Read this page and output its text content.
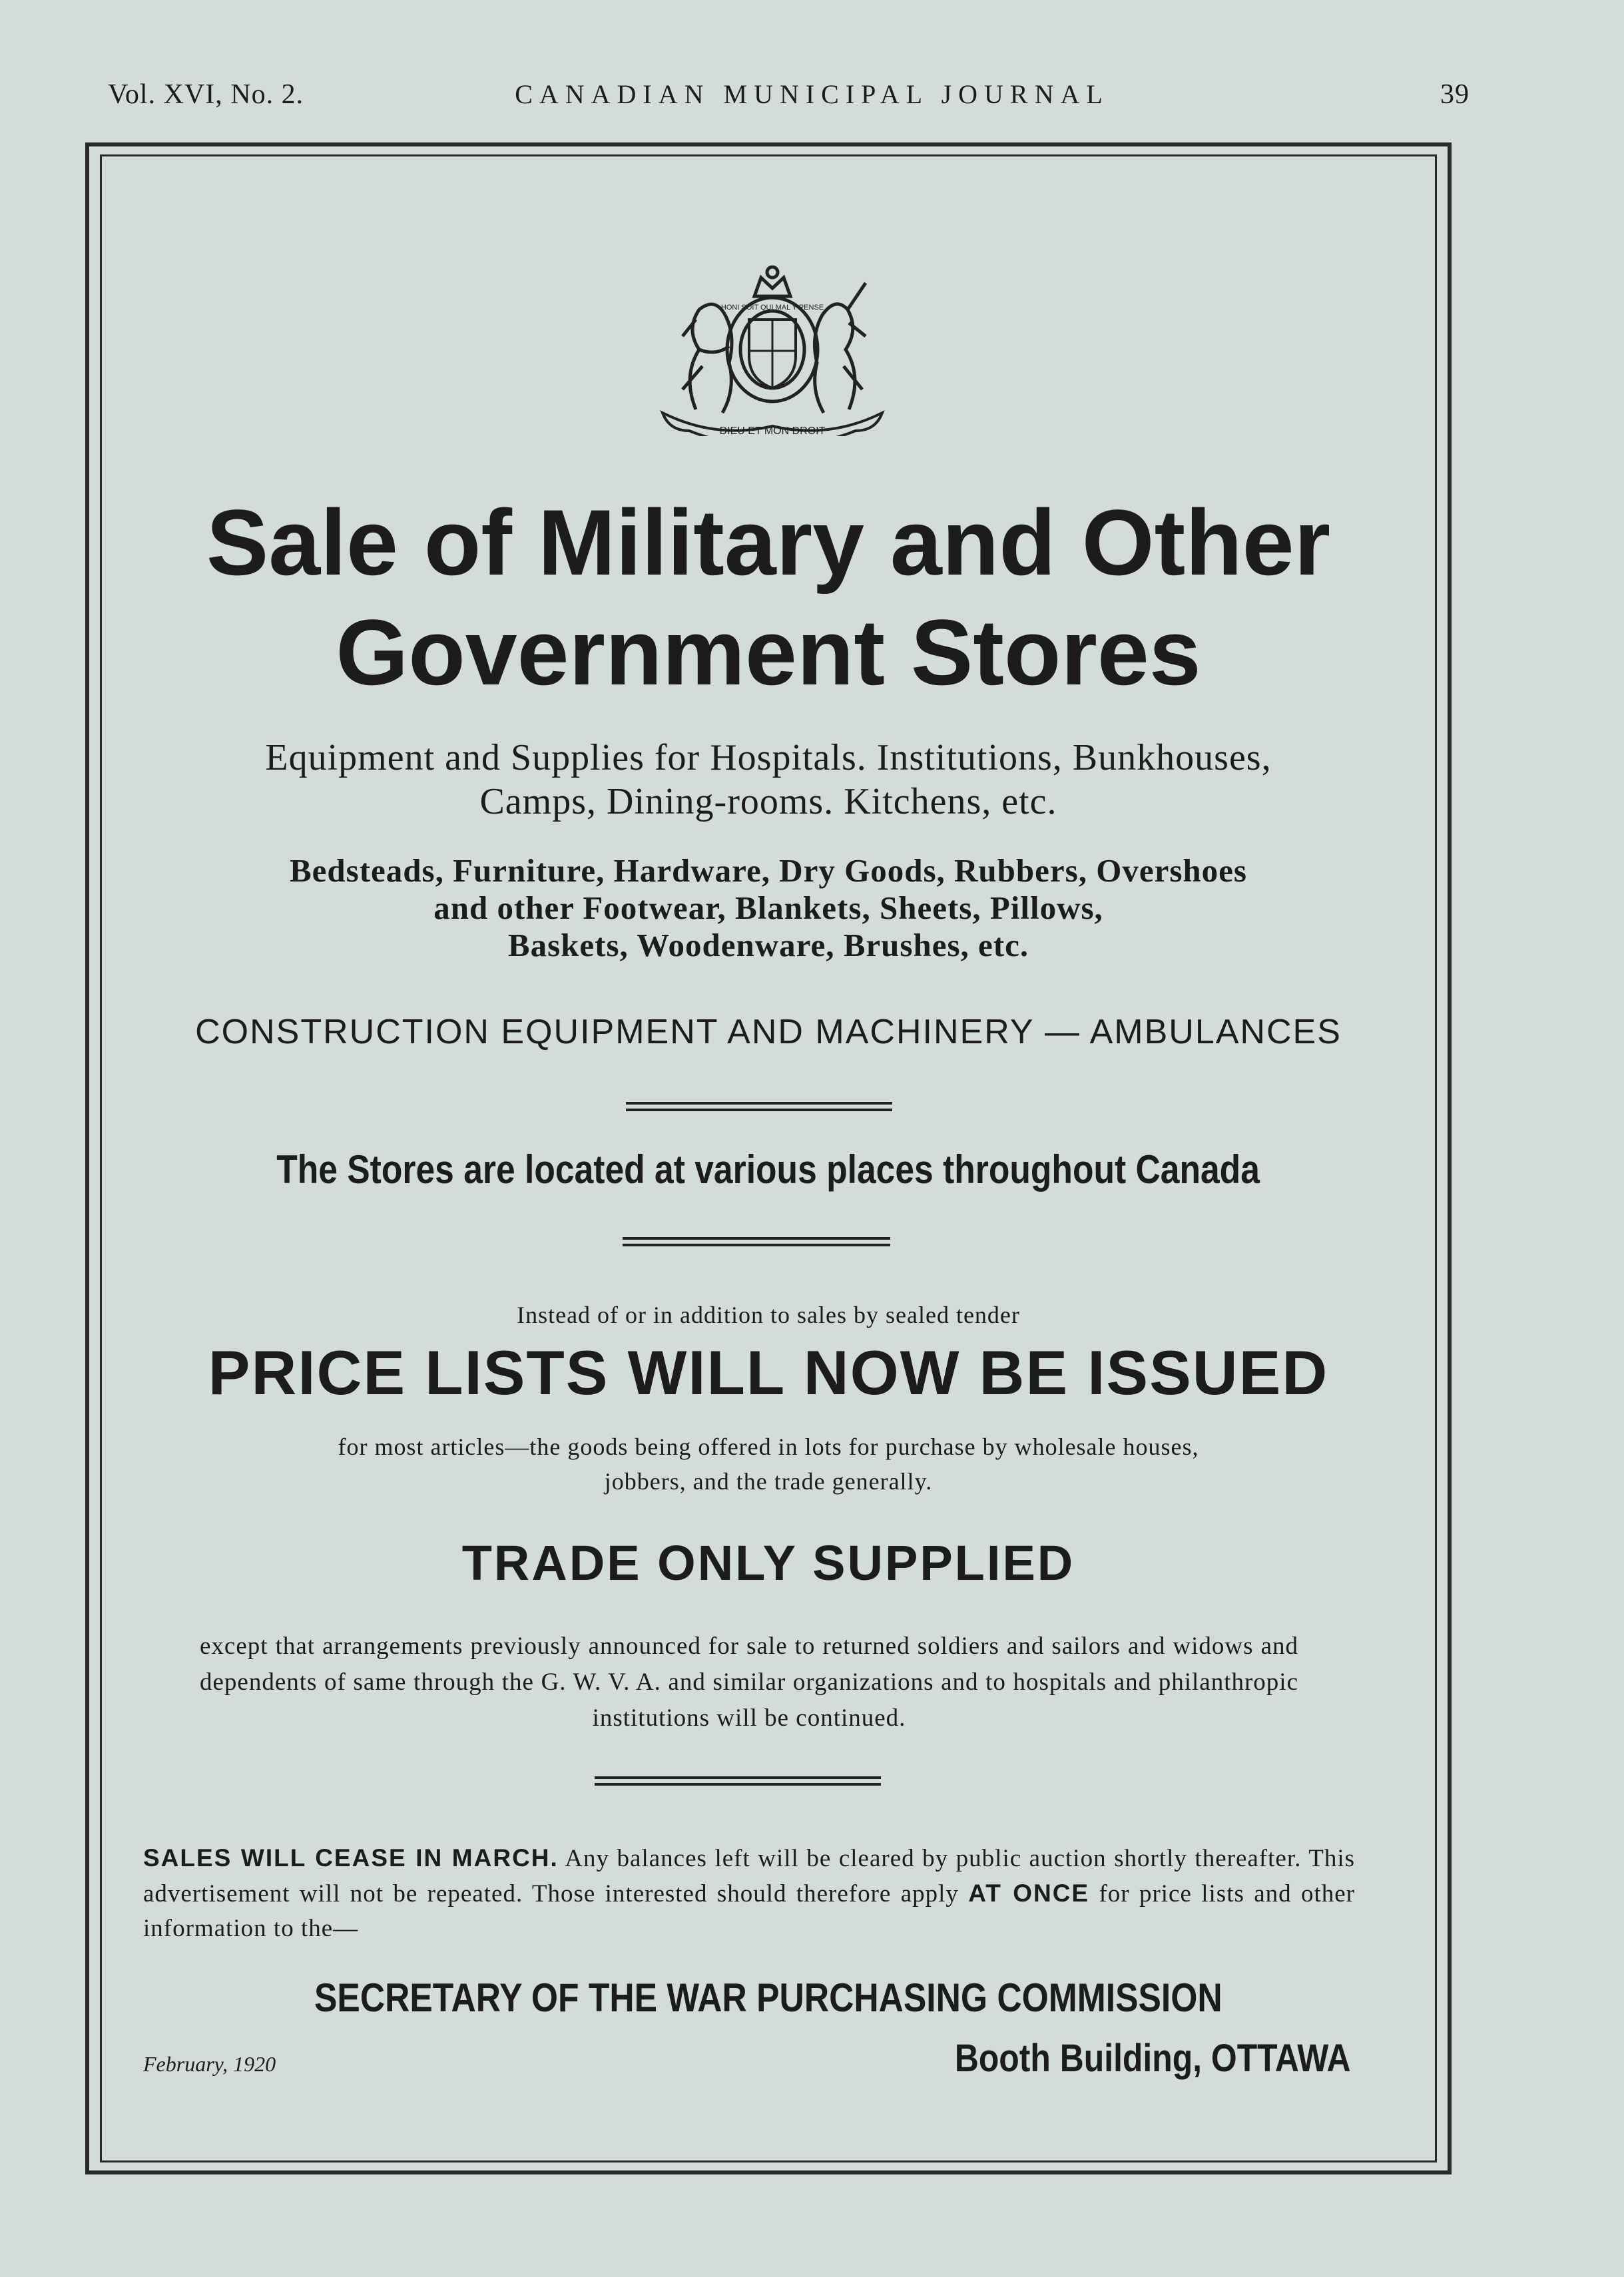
Vol. XVI, No. 2.	CANADIAN MUNICIPAL JOURNAL	39
DIEU ET MON DROIT
HONI SOIT QUI MAL Y PENSE
Sale of Military and Other
Government Stores
Equipment and Supplies for Hospitals. Institutions, Bunkhouses,
Camps, Dining-rooms. Kitchens, etc.
Bedsteads, Furniture, Hardware, Dry Goods, Rubbers, Overshoes
and other Footwear, Blankets, Sheets, Pillows,
Baskets, Woodenware, Brushes, etc.
CONSTRUCTION EQUIPMENT AND MACHINERY — AMBULANCES
The Stores are located at various places throughout Canada
Instead of or in addition to sales by sealed tender
PRICE LISTS WILL NOW BE ISSUED
for most articles—the goods being offered in lots for purchase by wholesale houses,
jobbers, and the trade generally.
TRADE ONLY SUPPLIED
except that arrangements previously announced for sale to returned soldiers and sailors and widows and dependents of same through the G. W. V. A. and similar organizations and to hospitals and philanthropic institutions will be continued.
SALES WILL CEASE IN MARCH. Any balances left will be cleared by public auction shortly thereafter. This advertisement will not be repeated. Those interested should therefore apply AT ONCE for price lists and other information to the—
SECRETARY OF THE WAR PURCHASING COMMISSION
February, 1920	Booth Building, OTTAWA
